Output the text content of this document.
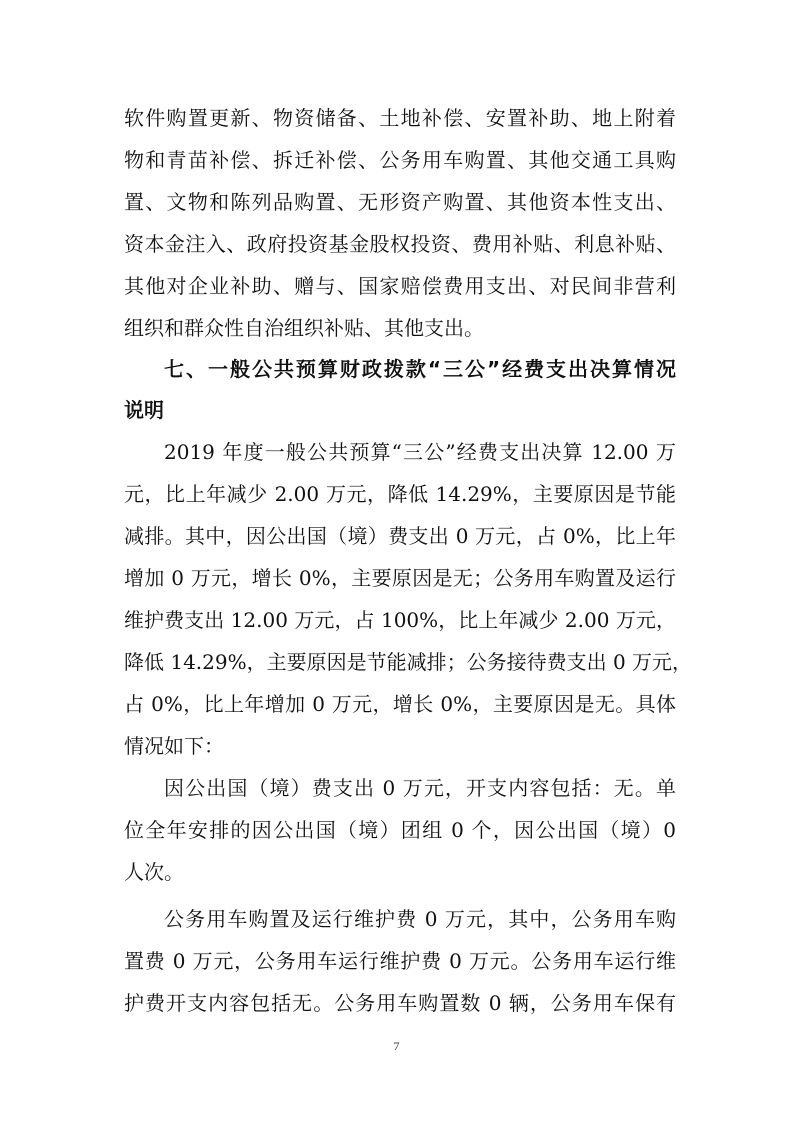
软件购置更新、物资储备、土地补偿、安置补助、地上附着
物和青苗补偿、拆迁补偿、公务用车购置、其他交通工具购
置、文物和陈列品购置、无形资产购置、其他资本性支出、
资本金注入、政府投资基金股权投资、费用补贴、利息补贴、
其他对企业补助、赠与、国家赔偿费用支出、对民间非营利
组织和群众性自治组织补贴、其他支出。
七、一般公共预算财政拨款“三公”经费支出决算情况
说明
2019 年度一般公共预算“三公”经费支出决算 12.00 万
元，比上年减少 2.00 万元，降低 14.29%，主要原因是节能
减排。其中，因公出国（境）费支出 0 万元，占 0%，比上年
增加 0 万元，增长 0%，主要原因是无；公务用车购置及运行
维护费支出 12.00 万元，占 100%，比上年减少 2.00 万元，
降低 14.29%，主要原因是节能减排；公务接待费支出 0 万元，
占 0%，比上年增加 0 万元，增长 0%，主要原因是无。具体
情况如下：
因公出国（境）费支出 0 万元，开支内容包括：无。单
位全年安排的因公出国（境）团组 0 个，因公出国（境）0
人次。
公务用车购置及运行维护费 0 万元，其中，公务用车购
置费 0 万元，公务用车运行维护费 0 万元。公务用车运行维
护费开支内容包括无。公务用车购置数 0 辆，公务用车保有
7
